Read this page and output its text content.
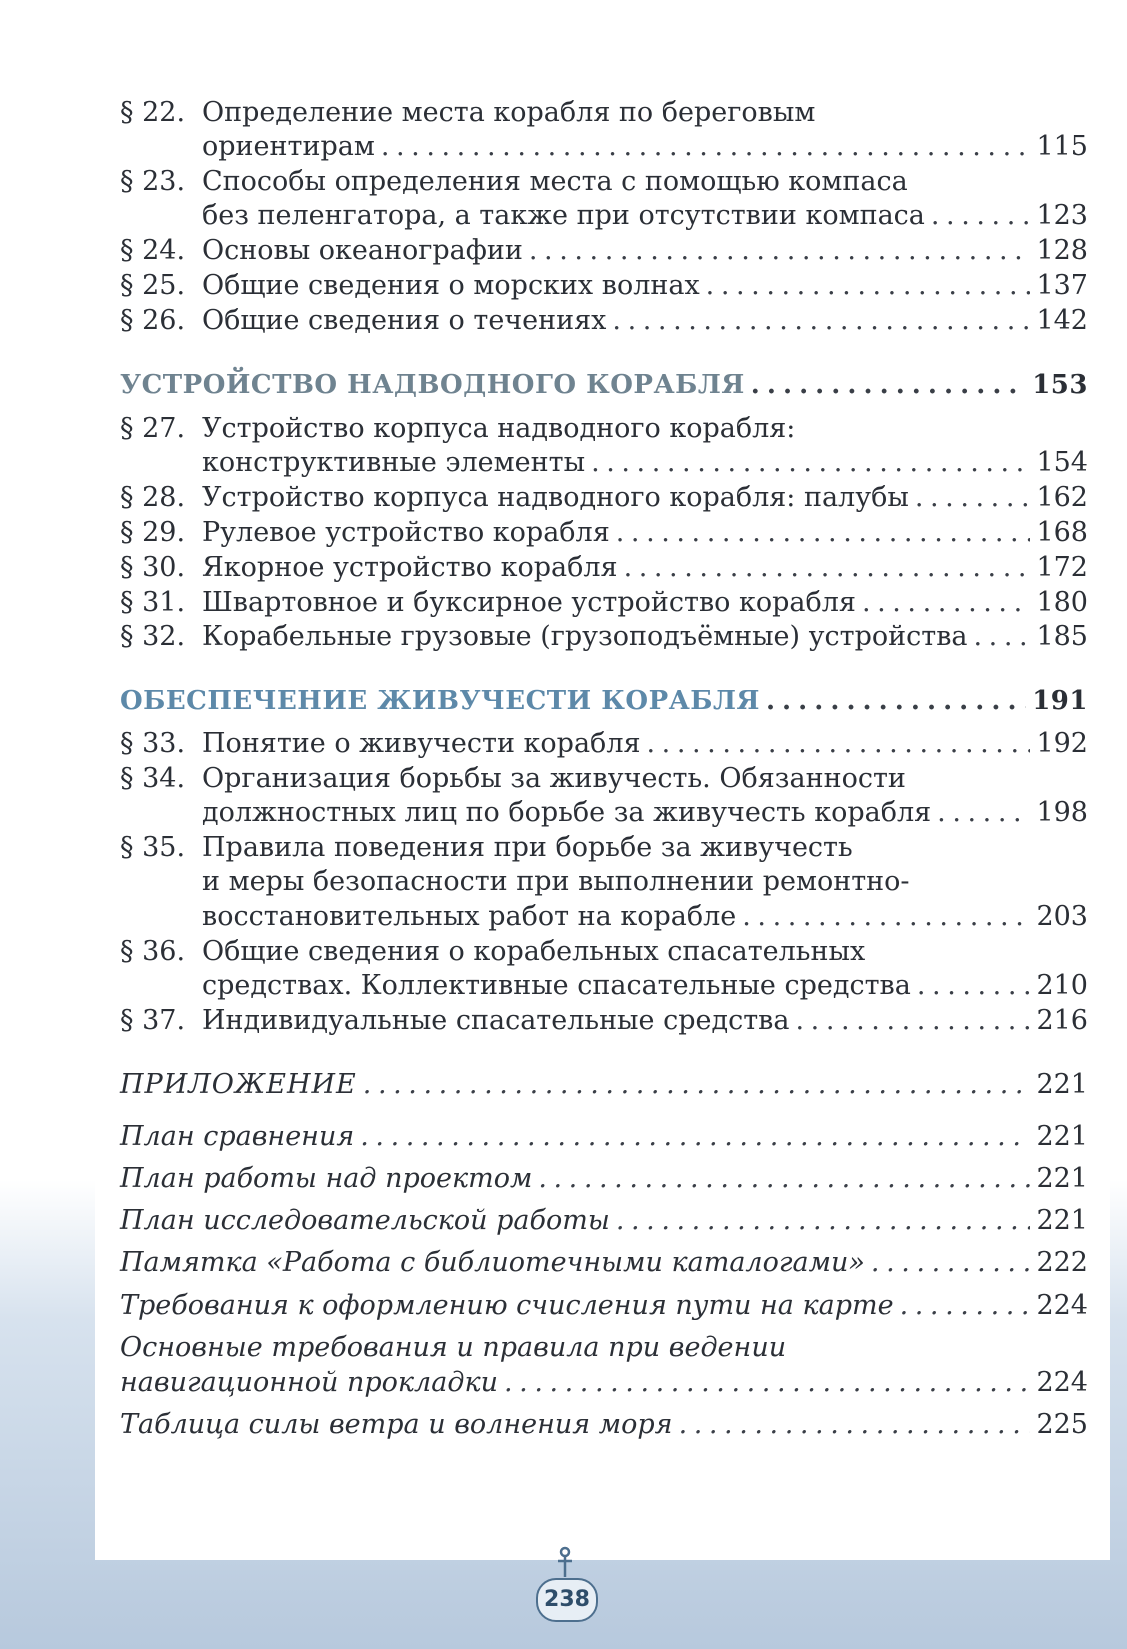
§ 22. Определение места корабля по береговым
ориентирам . . .	115
§ 23. Способы определения места с помощью компаса
без пеленгатора, а также при отсутствии компаса . . .	123
§ 24. Основы океанографии . . .	128
§ 25. Общие сведения о морских волнах . . .	137
§ 26. Общие сведения о течениях . . .	142
УСТРОЙСТВО НАДВОДНОГО КОРАБЛЯ . . .	153
§ 27. Устройство корпуса надводного корабля:
конструктивные элементы . . .	154
§ 28. Устройство корпуса надводного корабля: палубы . . .	162
§ 29. Рулевое устройство корабля . . .	168
§ 30. Якорное устройство корабля . . .	172
§ 31. Швартовное и буксирное устройство корабля . . .	180
§ 32. Корабельные грузовые (грузоподъёмные) устройства . . .	185
ОБЕСПЕЧЕНИЕ ЖИВУЧЕСТИ КОРАБЛЯ . . .	191
§ 33. Понятие о живучести корабля . . .	192
§ 34. Организация борьбы за живучесть. Обязанности
должностных лиц по борьбе за живучесть корабля . . .	198
§ 35. Правила поведения при борьбе за живучесть
и меры безопасности при выполнении ремонтно-
восстановительных работ на корабле . . .	203
§ 36. Общие сведения о корабельных спасательных
средствах. Коллективные спасательные средства . . .	210
§ 37. Индивидуальные спасательные средства . . .	216
ПРИЛОЖЕНИЕ . . .	221
План сравнения . . .	221
План работы над проектом . . .	221
План исследовательской работы . . .	221
Памятка «Работа с библиотечными каталогами» . . .	222
Требования к оформлению счисления пути на карте . . .	224
Основные требования и правила при ведении
навигационной прокладки . . .	224
Таблица силы ветра и волнения моря . . .	225
238
